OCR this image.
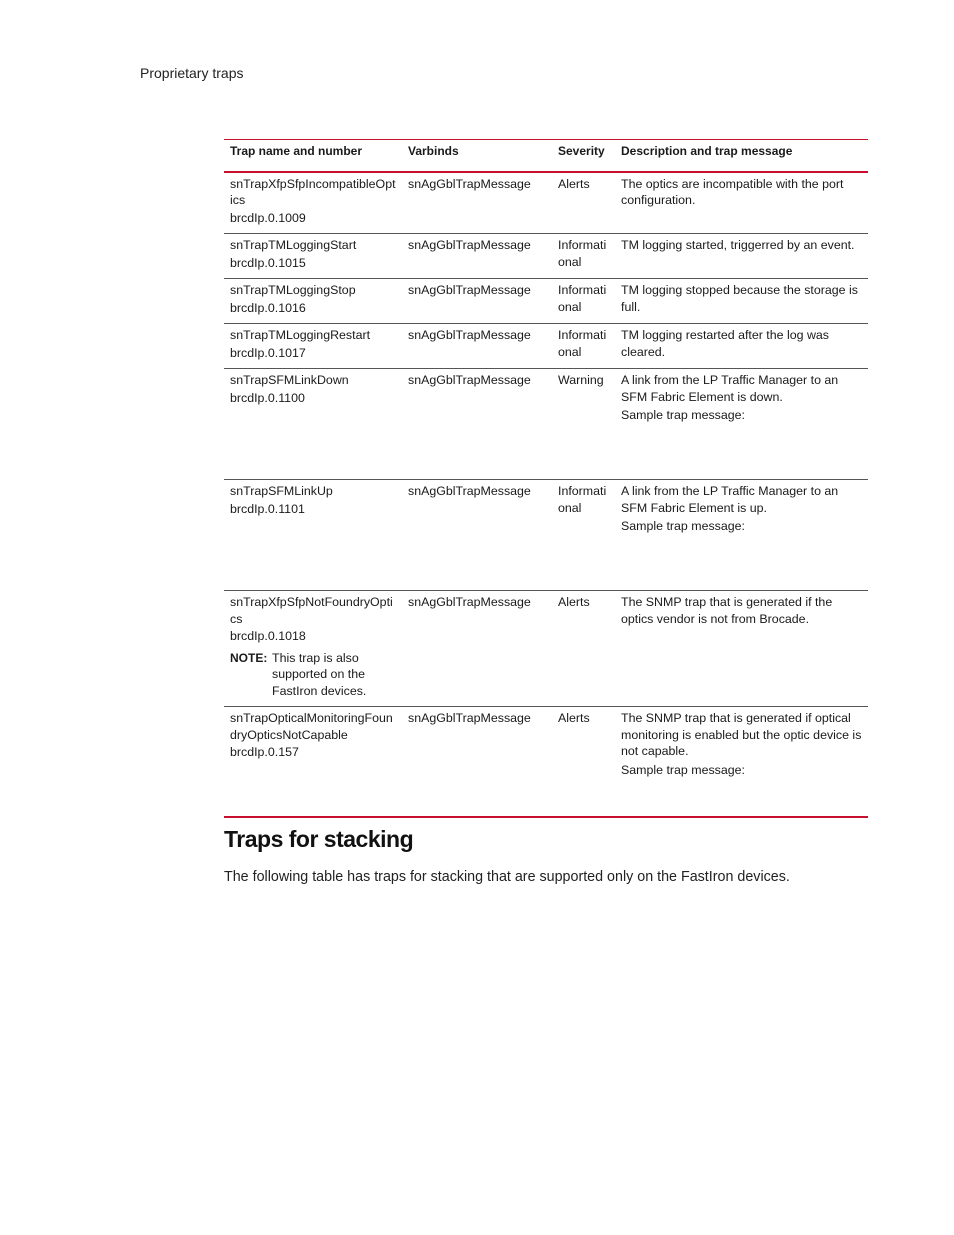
Proprietary traps
Trap name and number	Varbinds	Severity	Description and trap message
snTrapXfpSfpIncompatibleOptics
brcdIp.0.1009	snAgGblTrapMessage	Alerts	The optics are incompatible with the port configuration.
snTrapTMLoggingStart
brcdIp.0.1015	snAgGblTrapMessage	Informational	TM logging started, triggerred by an event.
snTrapTMLoggingStop
brcdIp.0.1016	snAgGblTrapMessage	Informational	TM logging stopped because the storage is full.
snTrapTMLoggingRestart
brcdIp.0.1017	snAgGblTrapMessage	Informational	TM logging restarted after the log was cleared.
snTrapSFMLinkDown
brcdIp.0.1100	snAgGblTrapMessage	Warning	A link from the LP Traffic Manager to an SFM Fabric Element is down.
Sample trap message:

snTrapSFMLinkUp
brcdIp.0.1101	snAgGblTrapMessage	Informational	A link from the LP Traffic Manager to an SFM Fabric Element is up.
Sample trap message:

snTrapXfpSfpNotFoundryOptics
brcdIp.0.1018
NOTE: This trap is also supported on the FastIron devices.	snAgGblTrapMessage	Alerts	The SNMP trap that is generated if the optics vendor is not from Brocade.
snTrapOpticalMonitoringFoundryOpticsNotCapable
brcdIp.0.157	snAgGblTrapMessage	Alerts	The SNMP trap that is generated if optical monitoring is enabled but the optic device is not capable.
Sample trap message:
Traps for stacking

The following table has traps for stacking that are supported only on the FastIron devices.
